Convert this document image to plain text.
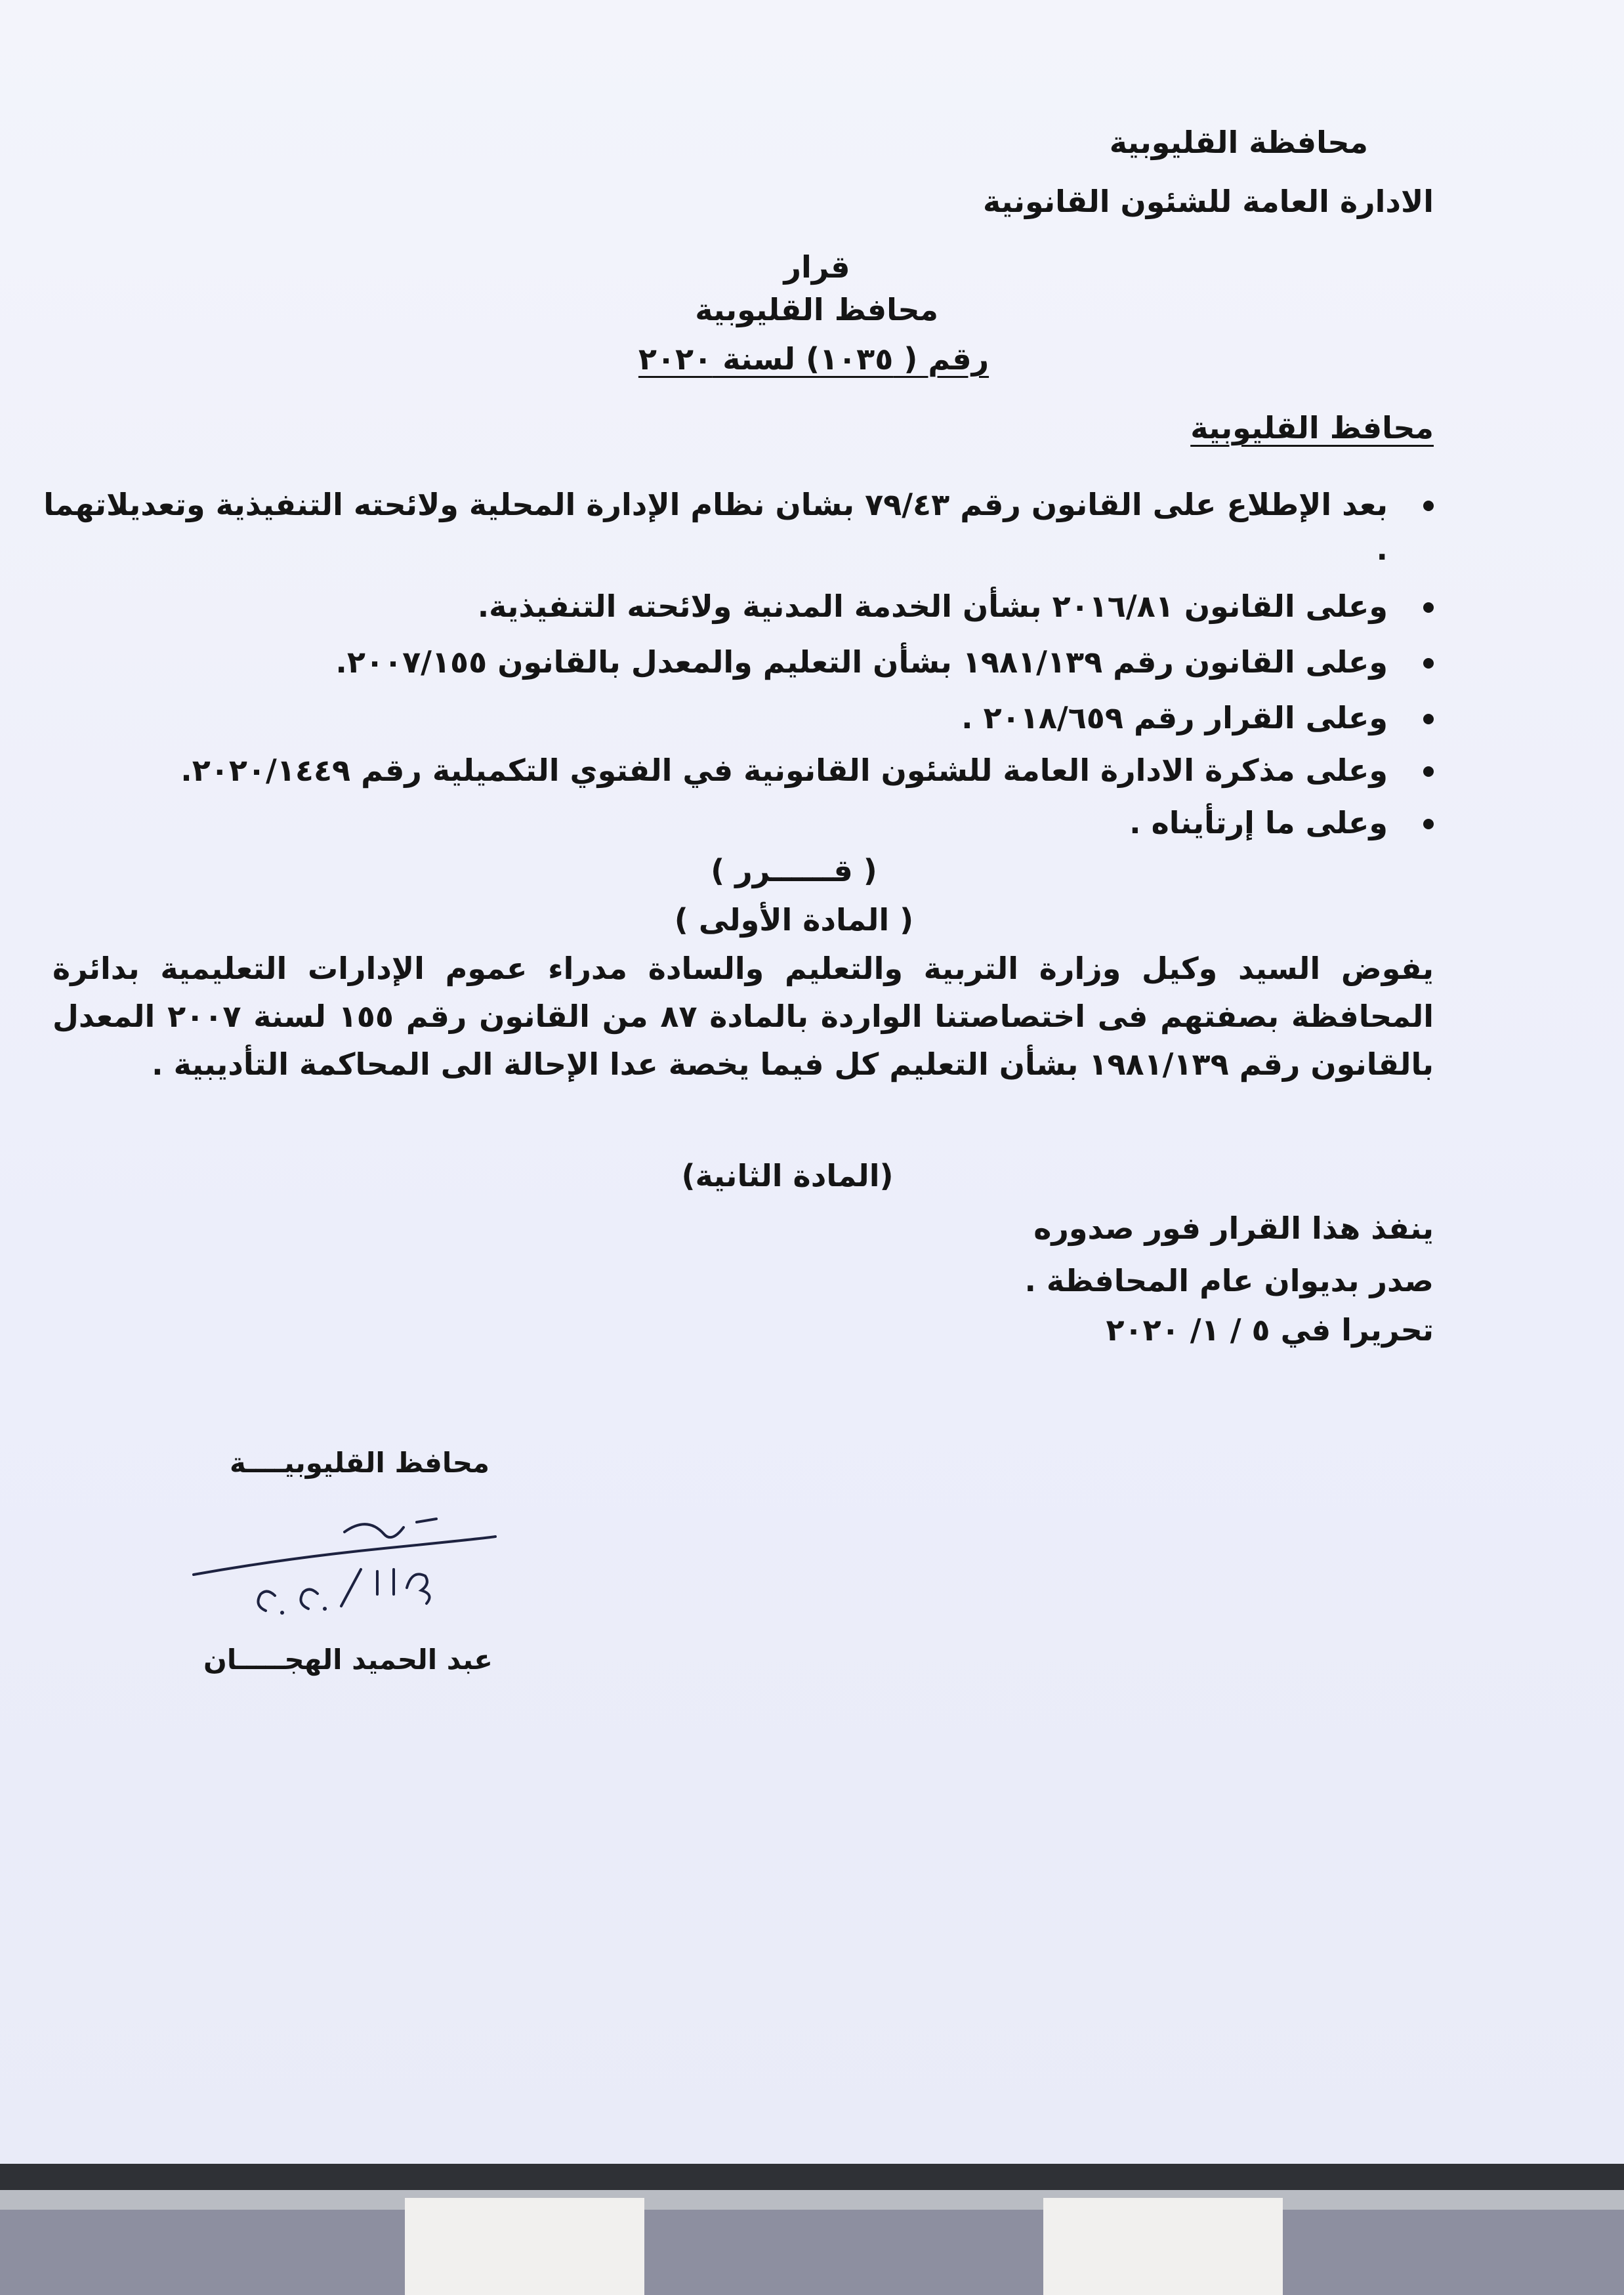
محافظة القليوبية
الادارة العامة للشئون القانونية
قرار
محافظ القليوبية
رقم ( ١٠٣٥) لسنة ٢٠٢٠
محافظ القليوبية
بعد الإطلاع على القانون رقم ٧٩/٤٣ بشان نظام الإدارة المحلية ولائحته التنفيذية وتعديلاتهما .
وعلى القانون ٢٠١٦/٨١ بشأن الخدمة المدنية ولائحته التنفيذية.
وعلى القانون رقم ١٩٨١/١٣٩ بشأن التعليم والمعدل بالقانون ٢٠٠٧/١٥٥.
وعلى القرار رقم ٢٠١٨/٦٥٩ .
وعلى مذكرة الادارة العامة للشئون القانونية في الفتوي التكميلية رقم ٢٠٢٠/١٤٤٩.
وعلى ما إرتأيناه .
( قــــــرر )
( المادة الأولى )
يفوض السيد وكيل وزارة التربية والتعليم والسادة مدراء عموم الإدارات التعليمية بدائرة المحافظة بصفتهم فى اختصاصتنا الواردة بالمادة ٨٧ من القانون رقم ١٥٥ لسنة ٢٠٠٧ المعدل بالقانون رقم ١٩٨١/١٣٩ بشأن التعليم كل فيما يخصة عدا الإحالة الى المحاكمة التأديبية .
(المادة الثانية)
ينفذ هذا القرار فور صدوره
صدر بديوان عام المحافظة .
تحريرا في ٥ / ١/ ٢٠٢٠
محافظ القليوبيــــة
عبد الحميد الهجـــــان
